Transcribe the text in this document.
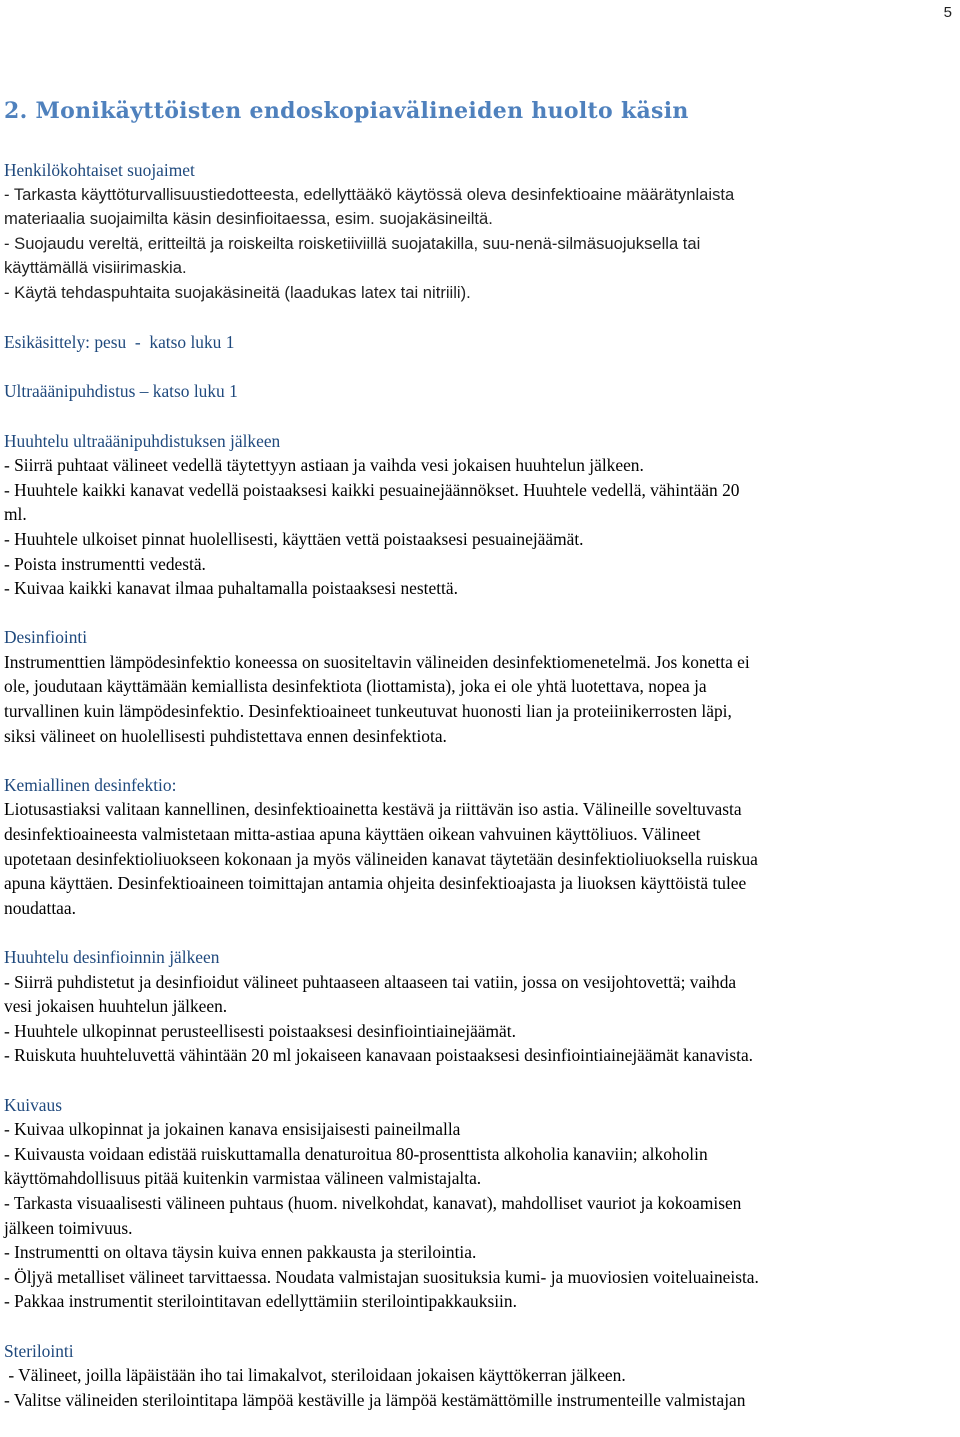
5
2. Monikäyttöisten endoskopiavälineiden huolto käsin
Henkilökohtaiset suojaimet

- Tarkasta käyttöturvallisuustiedotteesta, edellyttääkö käytössä oleva desinfektioaine määrätynlaista

materiaalia suojaimilta käsin desinfioitaessa, esim. suojakäsineiltä.

- Suojaudu vereltä, eritteiltä ja roiskeilta roisketiiviillä suojatakilla, suu-nenä-silmäsuojuksella tai

käyttämällä visiirimaskia.

- Käytä tehdaspuhtaita suojakäsineitä (laadukas latex tai nitriili).

Esikäsittely: pesu  -  katso luku 1
Ultraäänipuhdistus – katso luku 1
Huuhtelu ultraäänipuhdistuksen jälkeen

- Siirrä puhtaat välineet vedellä täytettyyn astiaan ja vaihda vesi jokaisen huuhtelun jälkeen.

- Huuhtele kaikki kanavat vedellä poistaaksesi kaikki pesuainejäännökset. Huuhtele vedellä, vähintään 20

ml.

- Huuhtele ulkoiset pinnat huolellisesti, käyttäen vettä poistaaksesi pesuainejäämät.

- Poista instrumentti vedestä.

- Kuivaa kaikki kanavat ilmaa puhaltamalla poistaaksesi nestettä.

Desinfiointi

Instrumenttien lämpödesinfektio koneessa on suositeltavin välineiden desinfektiomenetelmä. Jos konetta ei

ole, joudutaan käyttämään kemiallista desinfektiota (liottamista), joka ei ole yhtä luotettava, nopea ja

turvallinen kuin lämpödesinfektio. Desinfektioaineet tunkeutuvat huonosti lian ja proteiinikerrosten läpi,

siksi välineet on huolellisesti puhdistettava ennen desinfektiota.

Kemiallinen desinfektio:

Liotusastiaksi valitaan kannellinen, desinfektioainetta kestävä ja riittävän iso astia. Välineille soveltuvasta

desinfektioaineesta valmistetaan mitta-astiaa apuna käyttäen oikean vahvuinen käyttöliuos. Välineet

upotetaan desinfektioliuokseen kokonaan ja myös välineiden kanavat täytetään desinfektioliuoksella ruiskua

apuna käyttäen. Desinfektioaineen toimittajan antamia ohjeita desinfektioajasta ja liuoksen käyttöistä tulee

noudattaa.

Huuhtelu desinfioinnin jälkeen

- Siirrä puhdistetut ja desinfioidut välineet puhtaaseen altaaseen tai vatiin, jossa on vesijohtovettä; vaihda

vesi jokaisen huuhtelun jälkeen.

- Huuhtele ulkopinnat perusteellisesti poistaaksesi desinfiointiainejäämät.

- Ruiskuta huuhteluvettä vähintään 20 ml jokaiseen kanavaan poistaaksesi desinfiointiainejäämät kanavista.

Kuivaus

- Kuivaa ulkopinnat ja jokainen kanava ensisijaisesti paineilmalla

- Kuivausta voidaan edistää ruiskuttamalla denaturoitua 80-prosenttista alkoholia kanaviin; alkoholin

käyttömahdollisuus pitää kuitenkin varmistaa välineen valmistajalta.

- Tarkasta visuaalisesti välineen puhtaus (huom. nivelkohdat, kanavat), mahdolliset vauriot ja kokoamisen

jälkeen toimivuus.

- Instrumentti on oltava täysin kuiva ennen pakkausta ja sterilointia.

- Öljyä metalliset välineet tarvittaessa. Noudata valmistajan suosituksia kumi- ja muoviosien voiteluaineista.

- Pakkaa instrumentit sterilointitavan edellyttämiin sterilointipakkauksiin.

Sterilointi

- Välineet, joilla läpäistään iho tai limakalvot, steriloidaan jokaisen käyttökerran jälkeen.

- Valitse välineiden sterilointitapa lämpöä kestäville ja lämpöä kestämättömille instrumenteille valmistajan
